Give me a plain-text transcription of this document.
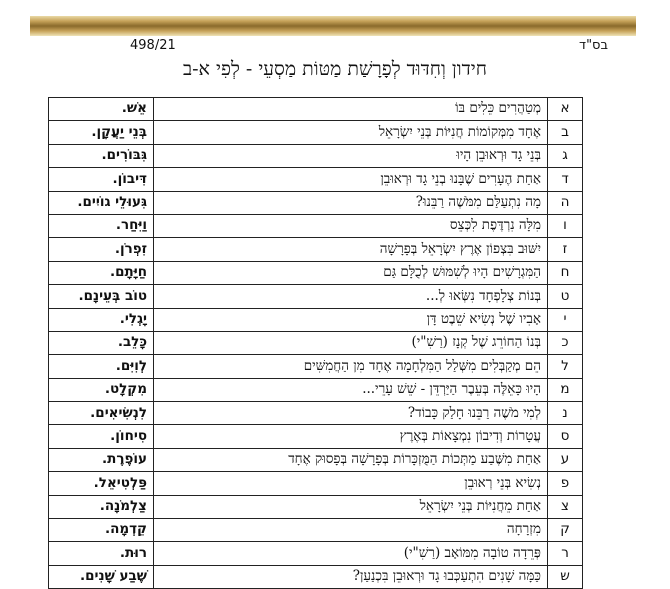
498/21	בס"ד
חידון וְחִדּוּד לְפָרָשַׁת מַטּוֹת מַסְעֵי - לְפִי א-ב
א	מְטַהֲרִים כֵּלִים בּוֹ	אֵשׁ.
ב	אֶחָד מִמְּקוֹמוֹת חֲנִיּוֹת בְּנֵי יִשְׂרָאֵל	בְּנֵי יַעֲקָן.
ג	בְּנֵי גָד וּרְאוּבֵן הָיוּ	גִּבּוֹרִים.
ד	אַחַת הֶעָרִים שֶׁבָּנוּ בְנֵי גָד וּרְאוּבֵן	דִּיבוֹן.
ה	מָה נִתְעַלַּם מִמֹּשֶׁה רַבֵּנוּ?	גִּעוּלֵי גוֹיִים.
ו	מִלָּה נִרְדֶּפֶת לִכְּצֵס	וַיִּחַר.
ז	יִשּׁוּב בִּצְפוֹן אֶרֶץ יִשְׂרָאֵל בְּפָרָשָׁה	זִפְרֹן.
ח	הַמִּגְרָשִׁים הָיוּ לְשִׁמּוּשׁ לְכֻלָּם גַּם	חַיָּתָם.
ט	בְּנוֹת צְלָפְחָד נִשְּׂאוּ לְ...	טוֹב בְּעֵינָם.
י	אָבִיו שֶׁל נְשִׂיא שֵׁבֶט דָּן	יָגְלִי.
כ	בְּנוֹ הַחוֹרֵג שֶׁל קְנָז (רַשִׁ"י)	כָּלֵב.
ל	הֵם מְקַבְּלִים מִשְּׁלַל הַמִּלְחָמָה אֶחָד מִן הַחֲמִשִּׁים	לְוִיִּם.
מ	הָיוּ כָּאֵלֶּה בְּעֵבֶר הַיַּרְדֵּן - שֵׁשׁ עָרֵי...	מִקְלָט.
נ	לְמִי מֹשֶׁה רַבֵּנוּ חָלַק כָּבוֹד?	לִנְשִׂיאִים.
ס	עֲטָרוֹת וְדִיבוֹן נִמְצָאוֹת בְּאֶרֶץ	סִיחוֹן.
ע	אַחַת מִשֶּׁבַע מַתְּכוֹת הַמֻּזְכָּרוֹת בְּפָרָשָׁה בְּפָסוּק אֶחָד	עוֹפֶרֶת.
פ	נְשִׂיא בְּנֵי רְאוּבֵן	פַּלְטִיאֵל.
צ	אַחַת מֵחֲנִיּוֹת בְּנֵי יִשְׂרָאֵל	צַלְמֹנָה.
ק	מִזְרָחָה	קֵדְמָה.
ר	פְּרֵדָה טוֹבָה מִמּוֹאָב (רַשִׁ"י)	רוּת.
ש	כַּמָּה שָׁנִים הִתְעַכְּבוּ גָד וּרְאוּבֵן בִּכְנַעַן?	שֶׁבַע שָׁנִים.
